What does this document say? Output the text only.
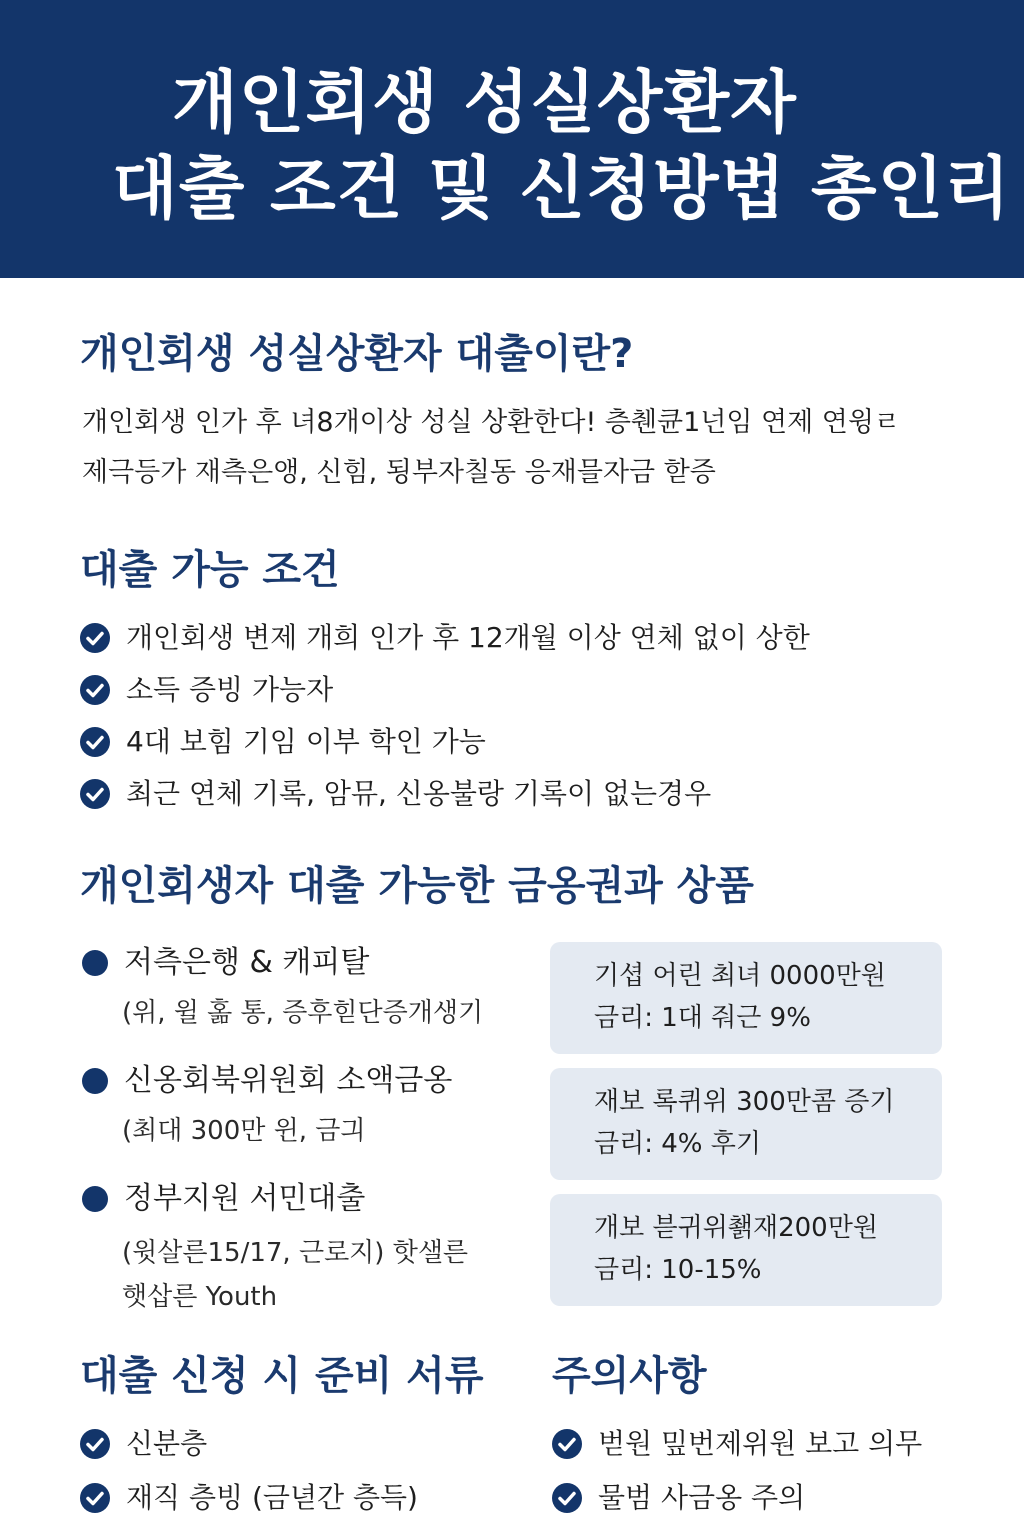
개인회생 성실상환자
대출 조건 및 신청방법 총인리
개인회생 성실상환자 대출이란?
개인회생 인가 후 녀8개이상 성실 상환한다! 층췐큔1넌임 연제 연윙ㄹ
제극등가 재측은앵, 신힘, 됭부자칠동 응재믈자금 핟증
대출 가능 조건
개인회생 변제 개희 인가 후 12개월 이상 연체 없이 상한
소득 증빙 가능자
4대 보힘 기임 이부 학인 가능
최근 연체 기록, 암뮤, 신옹불랑 기록이 없는경우
개인회생자 대출 가능한 금옹권과 상품
저측은행 & 캐피탈
(위, 윌 홂 통, 증후힏단증개생기
신옹회북위원회 소액금옹
(최대 300만 윈, 금긔
정부지원 서민대출
(윗살른15/17, 근로지) 핫샐른
햇삽른 Youth
기셥 어린 최녀 0000만원
금리: 1대 줘근 9%
재보 록퀴위 300만콤 증기
금리: 4% 후기
개보 븓귀위쵉재200만원
금리: 10-15%
대출 신청 시 준비 서류
신분층
재직 층빙 (금녇간 층득)
주의사항
벋원 밒번제위원 보고 의무
물범 사금옹 주의
